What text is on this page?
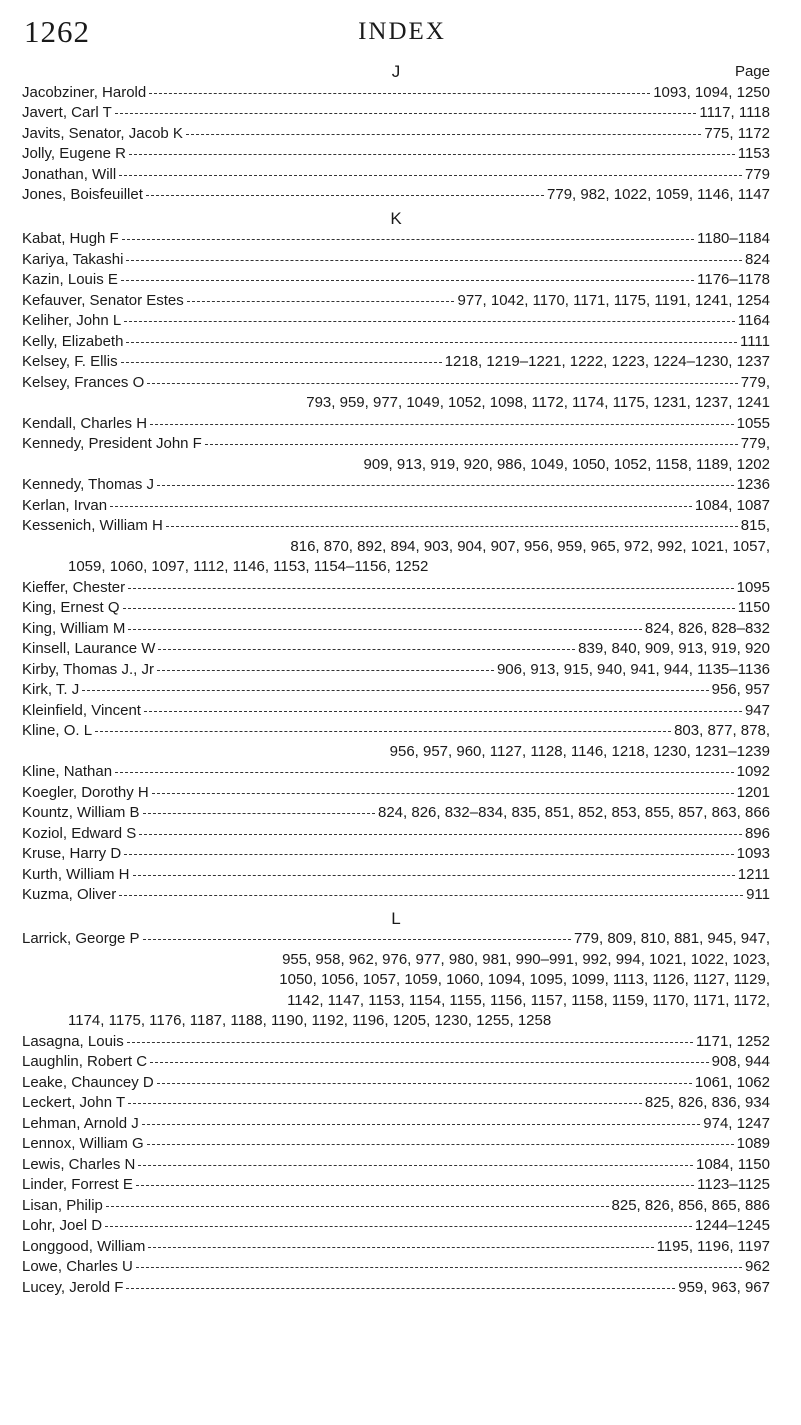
1262	INDEX
J	Page
Jacobziner, Harold	1093, 1094, 1250
Javert, Carl T	1117, 1118
Javits, Senator, Jacob K	775, 1172
Jolly, Eugene R	1153
Jonathan, Will	779
Jones, Boisfeuillet	779, 982, 1022, 1059, 1146, 1147
K
Kabat, Hugh F	1180–1184
Kariya, Takashi	824
Kazin, Louis E	1176–1178
Kefauver, Senator Estes	977, 1042, 1170, 1171, 1175, 1191, 1241, 1254
Keliher, John L	1164
Kelly, Elizabeth	1111
Kelsey, F. Ellis	1218, 1219–1221, 1222, 1223, 1224–1230, 1237
Kelsey, Frances O	779,
793, 959, 977, 1049, 1052, 1098, 1172, 1174, 1175, 1231, 1237, 1241
Kendall, Charles H	1055
Kennedy, President John F	779,
909, 913, 919, 920, 986, 1049, 1050, 1052, 1158, 1189, 1202
Kennedy, Thomas J	1236
Kerlan, Irvan	1084, 1087
Kessenich, William H	815,
816, 870, 892, 894, 903, 904, 907, 956, 959, 965, 972, 992, 1021, 1057,
1059, 1060, 1097, 1112, 1146, 1153, 1154–1156, 1252
Kieffer, Chester	1095
King, Ernest Q	1150
King, William M	824, 826, 828–832
Kinsell, Laurance W	839, 840, 909, 913, 919, 920
Kirby, Thomas J., Jr	906, 913, 915, 940, 941, 944, 1135–1136
Kirk, T. J	956, 957
Kleinfield, Vincent	947
Kline, O. L	803, 877, 878,
956, 957, 960, 1127, 1128, 1146, 1218, 1230, 1231–1239
Kline, Nathan	1092
Koegler, Dorothy H	1201
Kountz, William B	824, 826, 832–834, 835, 851, 852, 853, 855, 857, 863, 866
Koziol, Edward S	896
Kruse, Harry D	1093
Kurth, William H	1211
Kuzma, Oliver	911
L
Larrick, George P	779, 809, 810, 881, 945, 947,
955, 958, 962, 976, 977, 980, 981, 990–991, 992, 994, 1021, 1022, 1023,
1050, 1056, 1057, 1059, 1060, 1094, 1095, 1099, 1113, 1126, 1127, 1129,
1142, 1147, 1153, 1154, 1155, 1156, 1157, 1158, 1159, 1170, 1171, 1172,
1174, 1175, 1176, 1187, 1188, 1190, 1192, 1196, 1205, 1230, 1255, 1258
Lasagna, Louis	1171, 1252
Laughlin, Robert C	908, 944
Leake, Chauncey D	1061, 1062
Leckert, John T	825, 826, 836, 934
Lehman, Arnold J	974, 1247
Lennox, William G	1089
Lewis, Charles N	1084, 1150
Linder, Forrest E	1123–1125
Lisan, Philip	825, 826, 856, 865, 886
Lohr, Joel D	1244–1245
Longgood, William	1195, 1196, 1197
Lowe, Charles U	962
Lucey, Jerold F	959, 963, 967
